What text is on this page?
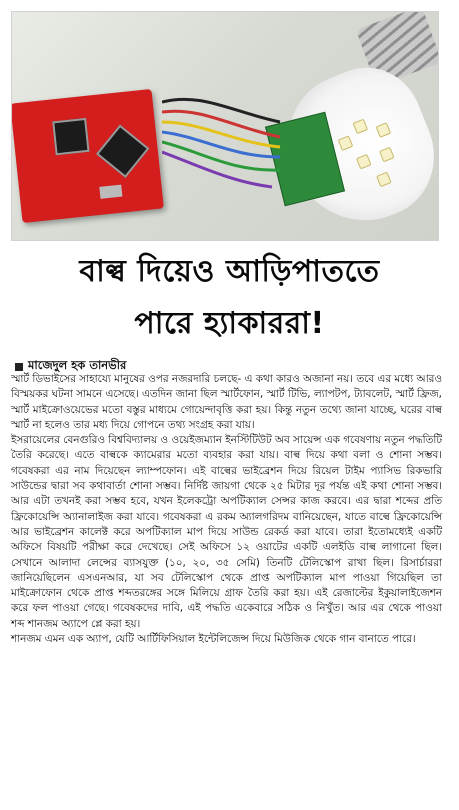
বাল্ব দিয়েও আড়িপাততে
পারে হ্যাকাররা!
মাজেদুল হক তানভীর

স্মার্ট ডিভাইসের সাহায্যে মানুষের ওপর নজরদারি চলছে- এ কথা কারও অজানা নয়। তবে এর মধ্যে আরও বিস্ময়কর ঘটনা সামনে এসেছে। এতদিন জানা ছিল স্মার্টফোন, স্মার্ট টিভি, ল্যাপটপ, ট্যাবলেট, স্মার্ট ফ্রিজ, স্মার্ট মাইক্রোওয়েভের মতো বস্তুর মাধ্যমে গোয়েন্দাবৃত্তি করা হয়। কিন্তু নতুন তথ্যে জানা যাচ্ছে, ঘরের বাল্ব স্মার্ট না হলেও তার মধ্য দিয়ে গোপনে তথ্য সংগ্রহ করা যায়।

ইসরায়েলের বেনগুরিও বিশ্ববিদ্যালয় ও ওয়েইজম্যান ইনস্টিটিউট অব সায়েন্স এক গবেষণায় নতুন পদ্ধতিটি তৈরি করেছে। এতে বাল্বকে ক্যামেরার মতো ব্যবহার করা যায়। বাল্ব দিয়ে কথা বলা ও শোনা সম্ভব। গবেষকরা এর নাম দিয়েছেন ল্যাম্পফোন। এই বাল্বের ভাইব্রেশন দিয়ে রিয়েল টাইম প্যাসিভ রিকভারি সাউন্ডের দ্বারা সব কথাবার্তা শোনা সম্ভব। নির্দিষ্ট জায়গা থেকে ২৫ মিটার দূর পর্যন্ত এই কথা শোনা সম্ভব। আর এটা তখনই করা সম্ভব হবে, যখন ইলেকট্রো অপটিক্যাল সেন্সর কাজ করবে। এর দ্বারা শব্দের প্রতি ফ্রিকোয়েন্সি অ্যানালাইজ করা যাবে। গবেষকরা এ রকম অ্যালগরিদম বানিয়েছেন, যাতে বাল্বে ফ্রিকোয়েন্সি আর ভাইব্রেশন কালেক্ট করে অপটিক্যাল মাপ দিয়ে সাউন্ড রেকর্ড করা যাবে। তারা ইতোমধ্যেই একটি অফিসে বিষয়টি পরীক্ষা করে দেখেছে। সেই অফিসে ১২ ওয়াটের একটি এলইডি বাল্ব লাগানো ছিল। সেখানে আলাদা লেন্সের ব্যাসযুক্ত (১০, ২০, ৩৫ সেমি) তিনটি টেলিস্কোপ রাখা ছিল। রিসার্চাররা জানিয়েছিলেন এসএনআর, যা সব টেলিস্কোপ থেকে প্রাপ্ত অপটিক্যাল মাপ পাওয়া গিয়েছিল তা মাইক্রোফোন থেকে প্রাপ্ত শব্দতরঙ্গের সঙ্গে মিলিয়ে গ্রাফ তৈরি করা হয়। এই রেজাল্টের ইকুয়ালাইজেশন করে ফল পাওয়া গেছে। গবেষকদের দাবি, এই পদ্ধতি একেবারে সঠিক ও নিখুঁত। আর এর থেকে পাওয়া শব্দ শানজম অ্যাপে প্লে করা হয়।

শানজম এমন এক অ্যাপ, যেটি আর্টিফিসিয়াল ইন্টেলিজেন্স দিয়ে মিউজিক থেকে গান বানাতে পারে।
